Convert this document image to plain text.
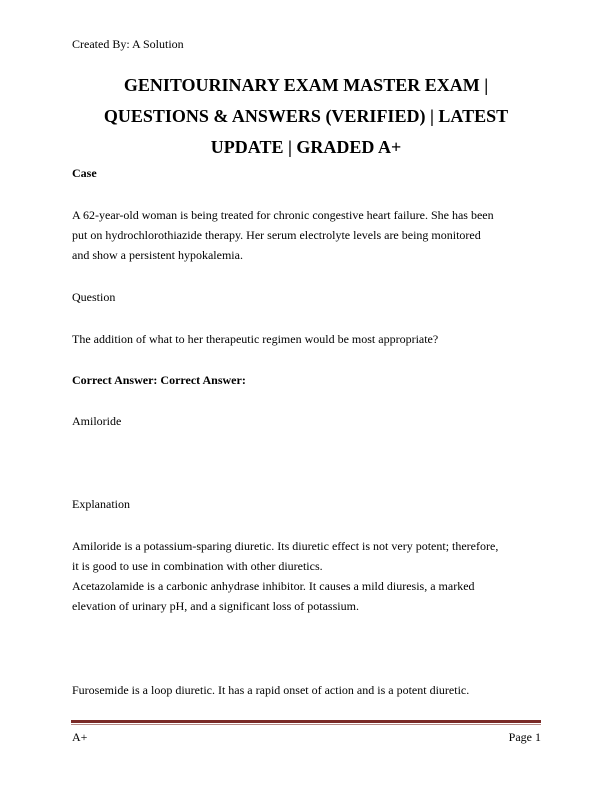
Created By: A Solution
GENITOURINARY EXAM MASTER EXAM |
QUESTIONS & ANSWERS (VERIFIED) | LATEST
UPDATE | GRADED A+
Case
A 62-year-old woman is being treated for chronic congestive heart failure. She has been
put on hydrochlorothiazide therapy. Her serum electrolyte levels are being monitored
and show a persistent hypokalemia.
Question
The addition of what to her therapeutic regimen would be most appropriate?
Correct Answer: Correct Answer:
Amiloride
Explanation
Amiloride is a potassium-sparing diuretic. Its diuretic effect is not very potent; therefore,
it is good to use in combination with other diuretics.
Acetazolamide is a carbonic anhydrase inhibitor. It causes a mild diuresis, a marked
elevation of urinary pH, and a significant loss of potassium.
Furosemide is a loop diuretic. It has a rapid onset of action and is a potent diuretic.
A+	Page 1
